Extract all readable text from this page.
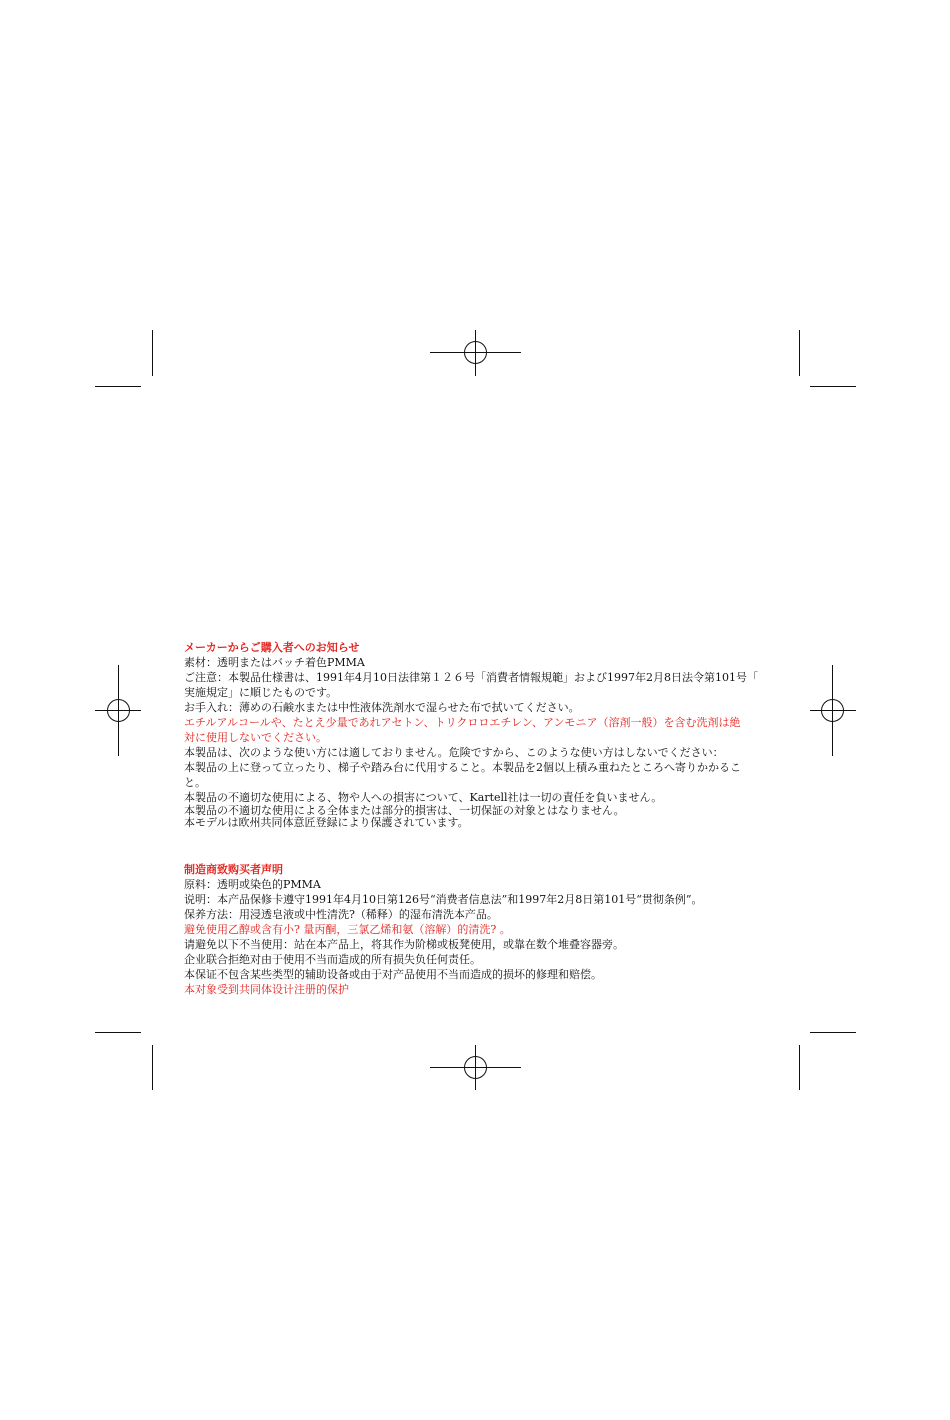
メーカーからご購入者へのお知らせ

素材：透明またはバッチ着色PMMA

ご注意：本製品仕様書は、1991年4月10日法律第１２６号「消費者情報規範」および1997年2月8日法令第101号「

実施規定」に順じたものです。

お手入れ：薄めの石鹸水または中性液体洗剤水で湿らせた布で拭いてください。

エチルアルコールや、たとえ少量であれアセトン、トリクロロエチレン、アンモニア（溶剤一般）を含む洗剤は絶

対に使用しないでください。

本製品は、次のような使い方には適しておりません。危険ですから、このような使い方はしないでください：

本製品の上に登って立ったり、梯子や踏み台に代用すること。本製品を2個以上積み重ねたところへ寄りかかるこ

と。

本製品の不適切な使用による、物や人への損害について、Kartell社は一切の責任を負いません。

本製品の不適切な使用による全体または部分的損害は、一切保証の対象とはなりません。

本モデルは欧州共同体意匠登録により保護されています。

制造商致购买者声明

原料：透明或染色的PMMA

说明：本产品保修卡遵守1991年4月10日第126号“消费者信息法”和1997年2月8日第101号“贯彻条例”。

保养方法：用浸透皂液或中性清洗?（稀释）的湿布清洗本产品。

避免使用乙醇或含有小? 量丙酮，三氯乙烯和氨（溶解）的清洗? 。

请避免以下不当使用：站在本产品上，将其作为阶梯或板凳使用，或靠在数个堆叠容器旁。

企业联合拒绝对由于使用不当而造成的所有损失负任何责任。

本保证不包含某些类型的辅助设备或由于对产品使用不当而造成的损坏的修理和赔偿。

本对象受到共同体设计注册的保护
